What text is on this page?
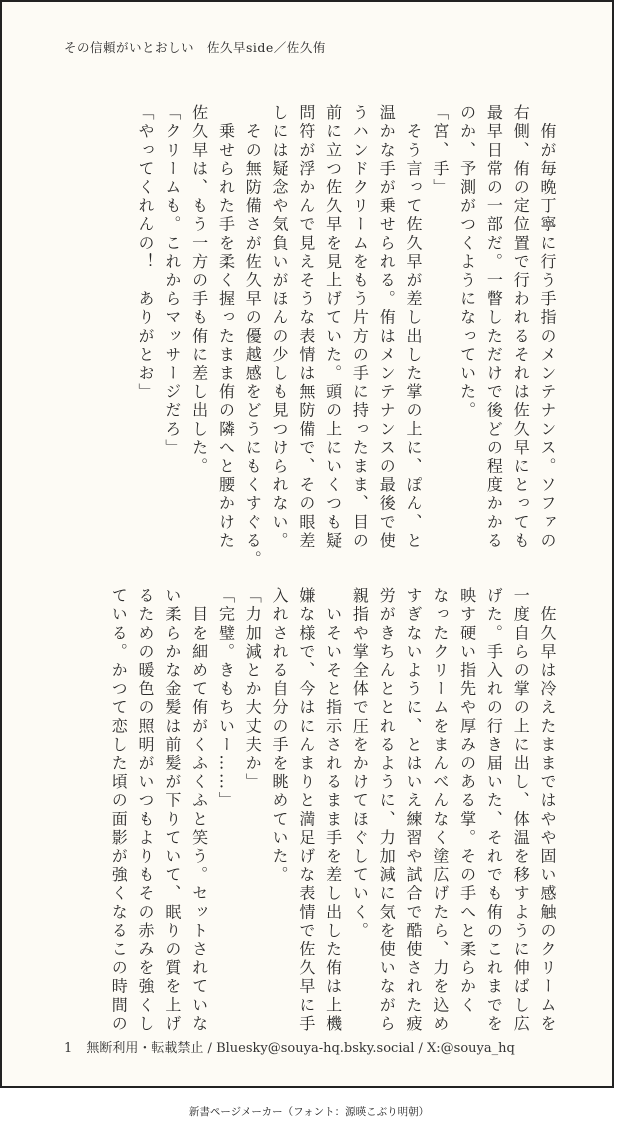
その信頼がいとおしい　佐久早side／佐久侑

　侑が毎晩丁寧に行う手指のメンテナンス。ソファの

右側、侑の定位置で行われるそれは佐久早にとっても

最早日常の一部だ。一瞥しただけで後どの程度かかる

のか、予測がつくようになっていた。

「宮、手」

　そう言って佐久早が差し出した掌の上に、ぽん、と

温かな手が乗せられる。侑はメンテナンスの最後で使

うハンドクリームをもう片方の手に持ったまま、目の

前に立つ佐久早を見上げていた。頭の上にいくつも疑

問符が浮かんで見えそうな表情は無防備で、その眼差

しには疑念や気負いがほんの少しも見つけられない。

　その無防備さが佐久早の優越感をどうにもくすぐる。

　乗せられた手を柔く握ったまま侑の隣へと腰かけた

佐久早は、もう一方の手も侑に差し出した。

「クリームも。これからマッサージだろ」

「やってくれんの！　ありがとお」

　佐久早は冷えたままではやや固い感触のクリームを

一度自らの掌の上に出し、体温を移すように伸ばし広

げた。手入れの行き届いた、それでも侑のこれまでを

映す硬い指先や厚みのある掌。その手へと柔らかく

なったクリームをまんべんなく塗広げたら、力を込め

すぎないように、とはいえ練習や試合で酷使された疲

労がきちんととれるように、力加減に気を使いながら

親指や掌全体で圧をかけてほぐしていく。

　いそいそと指示されるまま手を差し出した侑は上機

嫌な様で、今はにんまりと満足げな表情で佐久早に手

入れされる自分の手を眺めていた。

「力加減とか大丈夫か」

「完璧。きもちいー……」

　目を細めて侑がくふくふと笑う。セットされていな

い柔らかな金髪は前髪が下りていて、眠りの質を上げ

るための暖色の照明がいつもよりもその赤みを強くし

ている。かつて恋した頃の面影が強くなるこの時間の

1 無断利用・転載禁止 / Bluesky@souya-hq.bsky.social / X:@souya_hq
新書ページメーカー（フォント：源暎こぶり明朝）
